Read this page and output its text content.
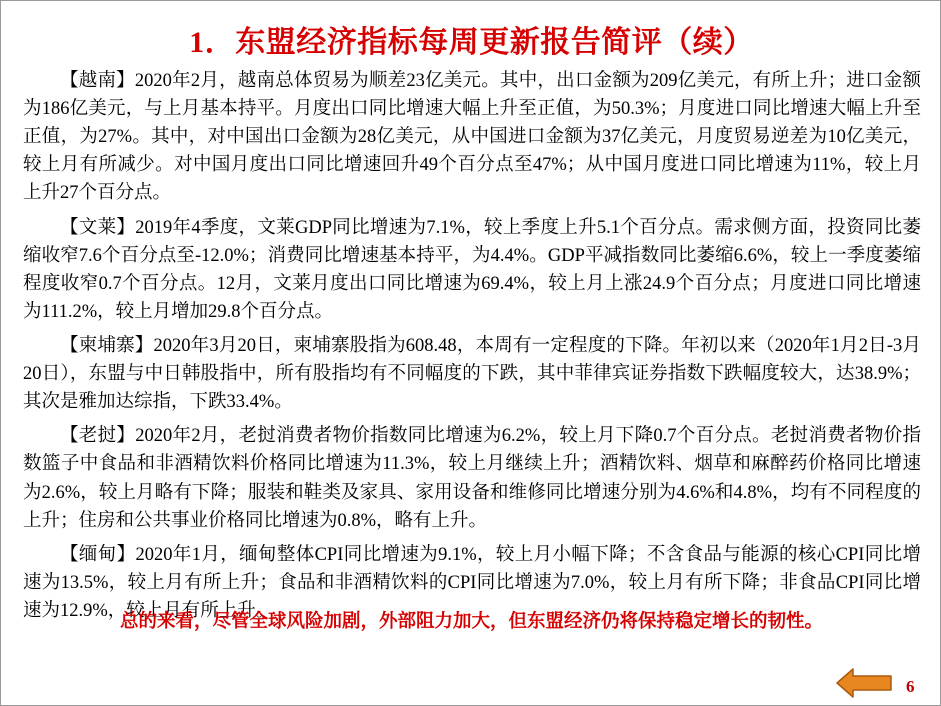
1．东盟经济指标每周更新报告简评（续）

【越南】2020年2月，越南总体贸易为顺差23亿美元。其中，出口金额为209亿美元，有所上升；进口金额为186亿美元，与上月基本持平。月度出口同比增速大幅上升至正值，为50.3%；月度进口同比增速大幅上升至正值，为27%。其中，对中国出口金额为28亿美元，从中国进口金额为37亿美元，月度贸易逆差为10亿美元，较上月有所减少。对中国月度出口同比增速回升49个百分点至47%；从中国月度进口同比增速为11%，较上月上升27个百分点。

【文莱】2019年4季度，文莱GDP同比增速为7.1%，较上季度上升5.1个百分点。需求侧方面，投资同比萎缩收窄7.6个百分点至-12.0%；消费同比增速基本持平，为4.4%。GDP平减指数同比萎缩6.6%，较上一季度萎缩程度收窄0.7个百分点。12月，文莱月度出口同比增速为69.4%，较上月上涨24.9个百分点；月度进口同比增速为111.2%，较上月增加29.8个百分点。

【柬埔寨】2020年3月20日，柬埔寨股指为608.48，本周有一定程度的下降。年初以来（2020年1月2日-3月20日），东盟与中日韩股指中，所有股指均有不同幅度的下跌，其中菲律宾证券指数下跌幅度较大，达38.9%；其次是雅加达综指，下跌33.4%。

【老挝】2020年2月，老挝消费者物价指数同比增速为6.2%，较上月下降0.7个百分点。老挝消费者物价指数篮子中食品和非酒精饮料价格同比增速为11.3%，较上月继续上升；酒精饮料、烟草和麻醉药价格同比增速为2.6%，较上月略有下降；服装和鞋类及家具、家用设备和维修同比增速分别为4.6%和4.8%，均有不同程度的上升；住房和公共事业价格同比增速为0.8%，略有上升。

【缅甸】2020年1月，缅甸整体CPI同比增速为9.1%，较上月小幅下降；不含食品与能源的核心CPI同比增速为13.5%，较上月有所上升；食品和非酒精饮料的CPI同比增速为7.0%，较上月有所下降；非食品CPI同比增速为12.9%，较上月有所上升。

总的来看，尽管全球风险加剧，外部阻力加大，但东盟经济仍将保持稳定增长的韧性。
6
